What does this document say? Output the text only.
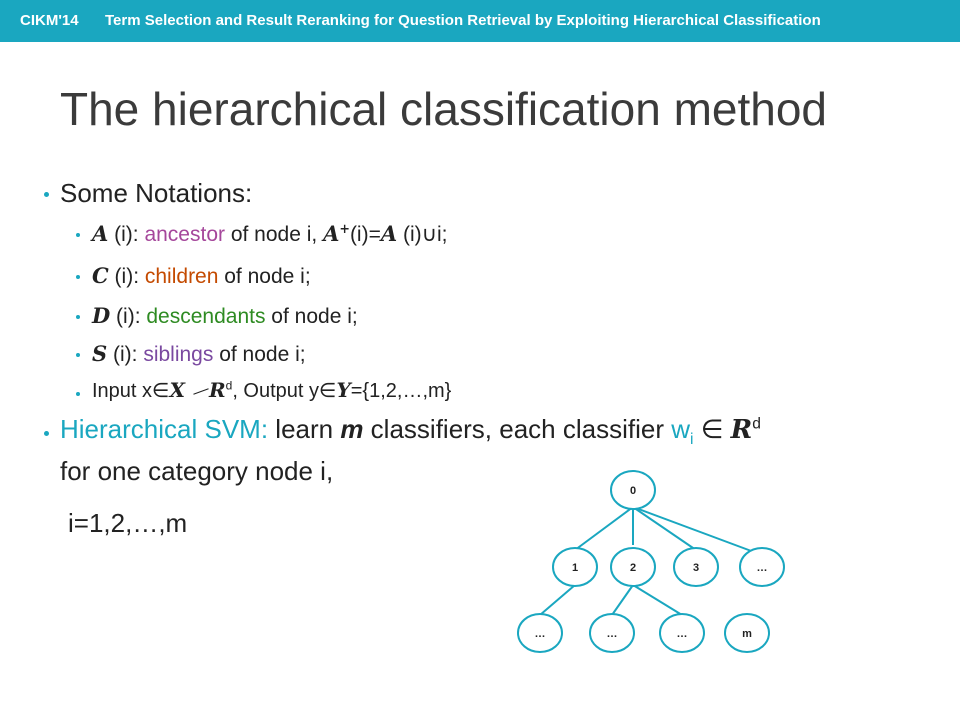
CIKM'14 Term Selection and Result Reranking for Question Retrieval by Exploiting Hierarchical Classification
The hierarchical classification method
Some Notations:
A (i): ancestor of node i, A+(i)=A (i)∪i;
C (i): children of node i;
D (i): descendants of node i;
S (i): siblings of node i;
Input x∈X $R^d$, Output y∈Y={1,2,…,m}
Hierarchical SVM: learn m classifiers, each classifier $w_i$ ∈ $R^d$
for one category node i,
i=1,2,…,m
0
1	2	3	…
…	…	…	m
